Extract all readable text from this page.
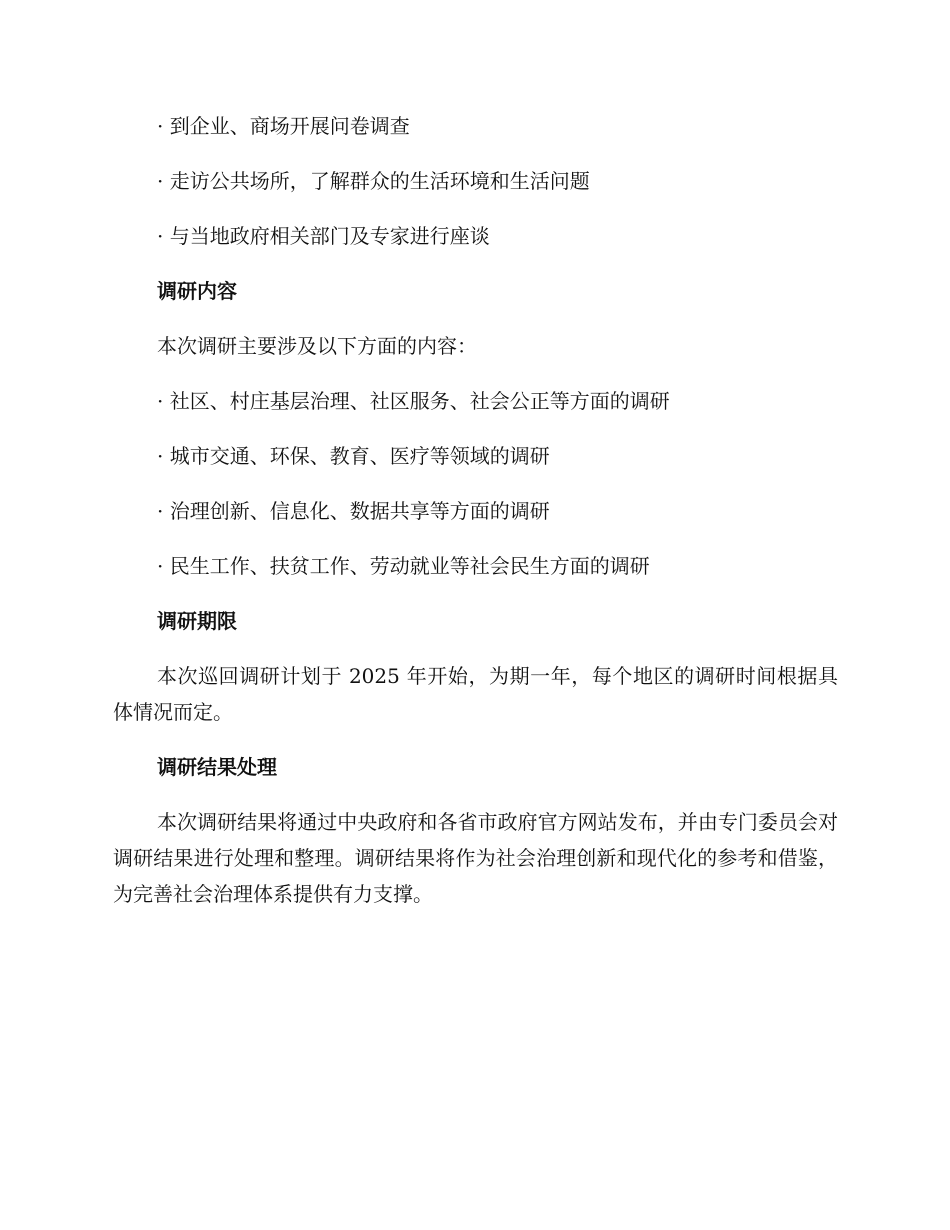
· 到企业、商场开展问卷调查
· 走访公共场所，了解群众的生活环境和生活问题
· 与当地政府相关部门及专家进行座谈
调研内容
本次调研主要涉及以下方面的内容：
· 社区、村庄基层治理、社区服务、社会公正等方面的调研
· 城市交通、环保、教育、医疗等领域的调研
· 治理创新、信息化、数据共享等方面的调研
· 民生工作、扶贫工作、劳动就业等社会民生方面的调研
调研期限

本次巡回调研计划于 2025 年开始，为期一年，每个地区的调研时间根据具体情况而定。

调研结果处理

本次调研结果将通过中央政府和各省市政府官方网站发布，并由专门委员会对调研结果进行处理和整理。调研结果将作为社会治理创新和现代化的参考和借鉴，为完善社会治理体系提供有力支撑。
